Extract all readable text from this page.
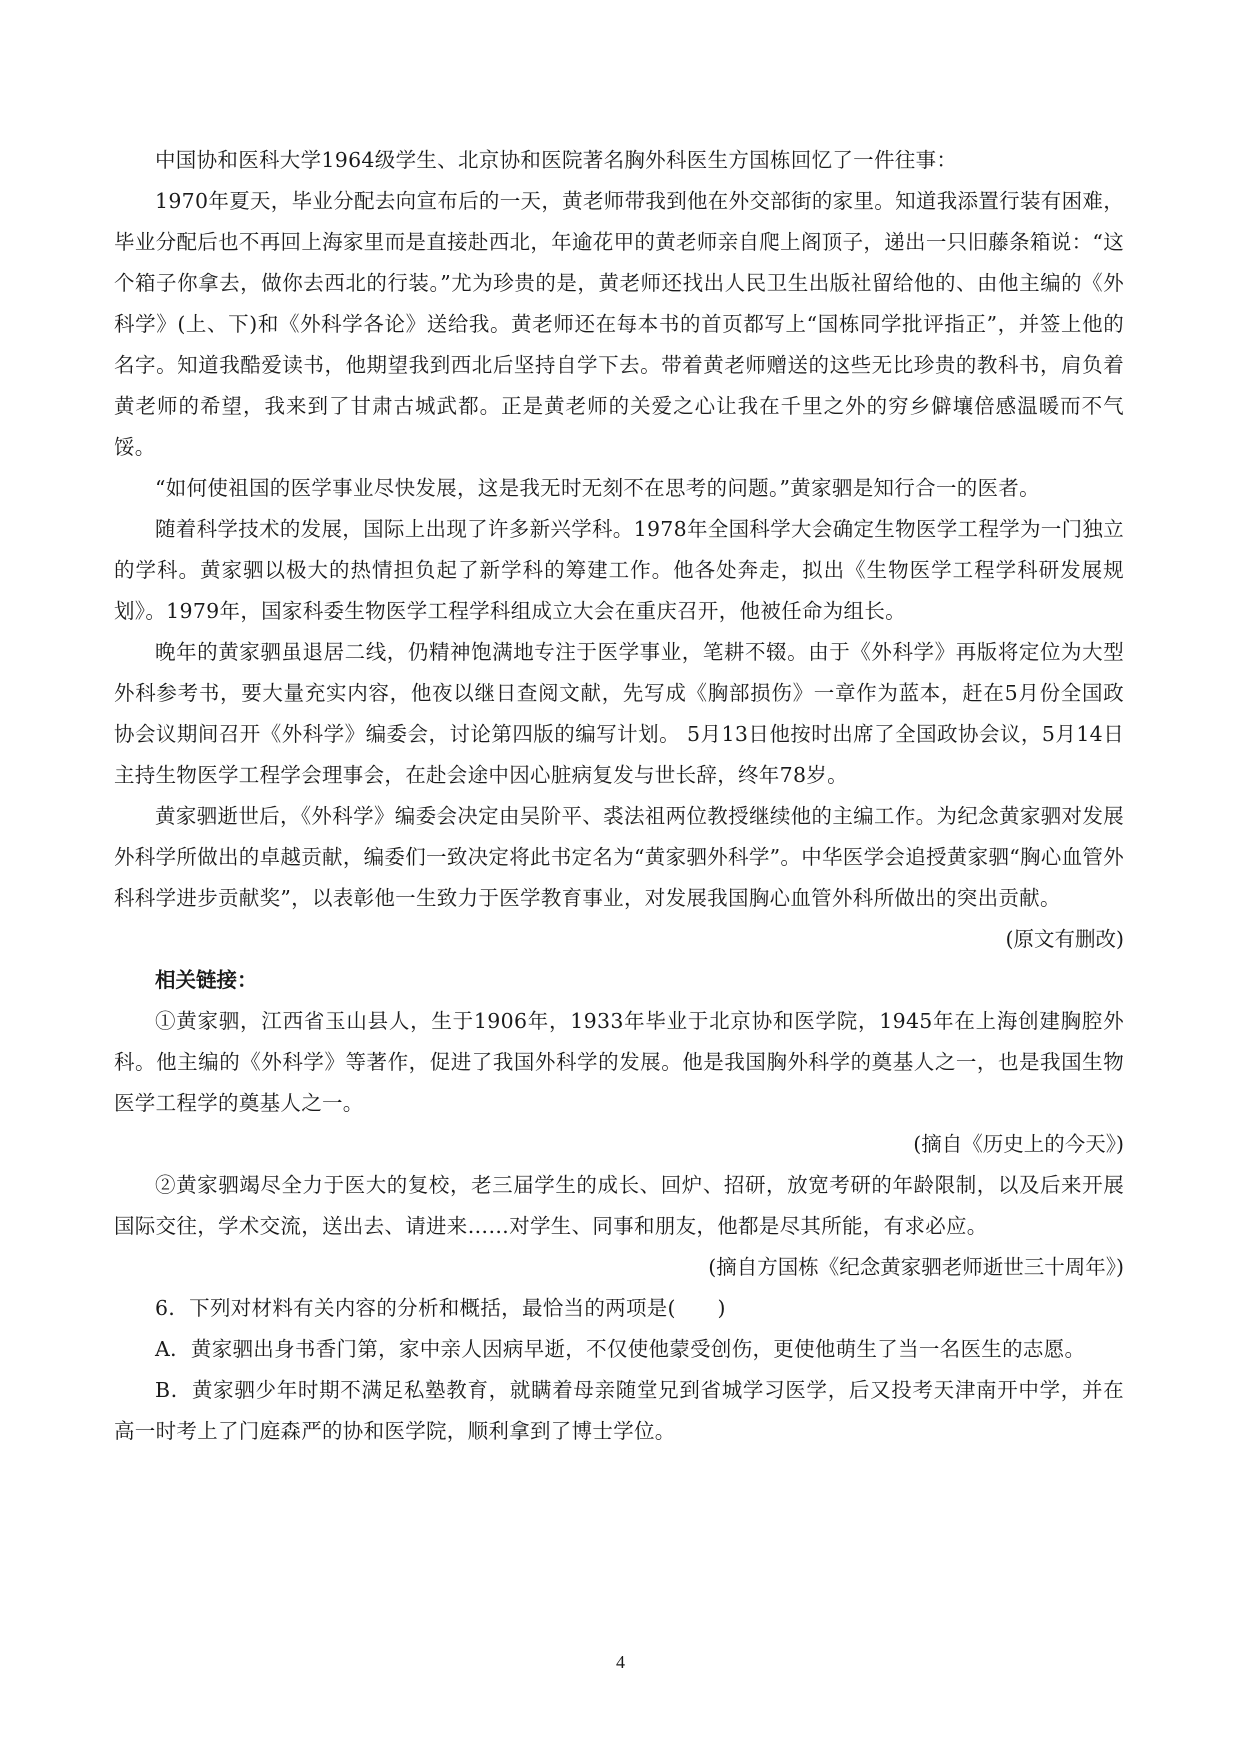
中国协和医科大学1964级学生、北京协和医院著名胸外科医生方国栋回忆了一件往事：

1970年夏天，毕业分配去向宣布后的一天，黄老师带我到他在外交部街的家里。知道我添置行装有困难，毕业分配后也不再回上海家里而是直接赴西北，年逾花甲的黄老师亲自爬上阁顶子，递出一只旧藤条箱说：“这个箱子你拿去，做你去西北的行装。”尤为珍贵的是，黄老师还找出人民卫生出版社留给他的、由他主编的《外科学》(上、下)和《外科学各论》送给我。黄老师还在每本书的首页都写上“国栋同学批评指正”，并签上他的名字。知道我酷爱读书，他期望我到西北后坚持自学下去。带着黄老师赠送的这些无比珍贵的教科书，肩负着黄老师的希望，我来到了甘肃古城武都。正是黄老师的关爱之心让我在千里之外的穷乡僻壤倍感温暖而不气馁。

“如何使祖国的医学事业尽快发展，这是我无时无刻不在思考的问题。”黄家驷是知行合一的医者。

随着科学技术的发展，国际上出现了许多新兴学科。1978年全国科学大会确定生物医学工程学为一门独立的学科。黄家驷以极大的热情担负起了新学科的筹建工作。他各处奔走，拟出《生物医学工程学科研发展规划》。1979年，国家科委生物医学工程学科组成立大会在重庆召开，他被任命为组长。

晚年的黄家驷虽退居二线，仍精神饱满地专注于医学事业，笔耕不辍。由于《外科学》再版将定位为大型外科参考书，要大量充实内容，他夜以继日查阅文献，先写成《胸部损伤》一章作为蓝本，赶在5月份全国政协会议期间召开《外科学》编委会，讨论第四版的编写计划。 5月13日他按时出席了全国政协会议，5月14日主持生物医学工程学会理事会，在赴会途中因心脏病复发与世长辞，终年78岁。

黄家驷逝世后，《外科学》编委会决定由吴阶平、裘法祖两位教授继续他的主编工作。为纪念黄家驷对发展外科学所做出的卓越贡献，编委们一致决定将此书定名为“黄家驷外科学”。中华医学会追授黄家驷“胸心血管外科科学进步贡献奖”，以表彰他一生致力于医学教育事业，对发展我国胸心血管外科所做出的突出贡献。

(原文有删改)

相关链接：

①黄家驷，江西省玉山县人，生于1906年，1933年毕业于北京协和医学院，1945年在上海创建胸腔外科。他主编的《外科学》等著作，促进了我国外科学的发展。他是我国胸外科学的奠基人之一，也是我国生物医学工程学的奠基人之一。

(摘自《历史上的今天》)

②黄家驷竭尽全力于医大的复校，老三届学生的成长、回炉、招研，放宽考研的年龄限制，以及后来开展国际交往，学术交流，送出去、请进来……对学生、同事和朋友，他都是尽其所能，有求必应。

(摘自方国栋《纪念黄家驷老师逝世三十周年》)

6．下列对材料有关内容的分析和概括，最恰当的两项是(　　)

A．黄家驷出身书香门第，家中亲人因病早逝，不仅使他蒙受创伤，更使他萌生了当一名医生的志愿。

B．黄家驷少年时期不满足私塾教育，就瞒着母亲随堂兄到省城学习医学，后又投考天津南开中学，并在高一时考上了门庭森严的协和医学院，顺利拿到了博士学位。

4
